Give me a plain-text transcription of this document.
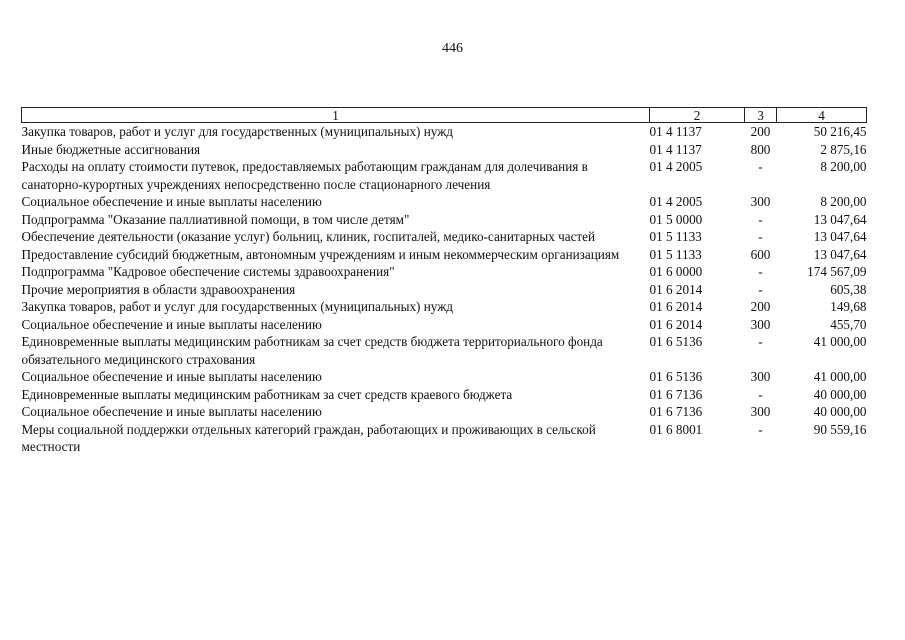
446
1	2	3	4
Закупка товаров, работ и услуг для государственных (муниципальных) нужд	01 4 1137	200	50 216,45
Иные бюджетные ассигнования	01 4 1137	800	2 875,16
Расходы на оплату стоимости путевок, предоставляемых работающим гражданам для долечивания в санаторно-курортных учреждениях непосредственно после стационарного лечения	01 4 2005	-	8 200,00
Социальное обеспечение и иные выплаты населению	01 4 2005	300	8 200,00
Подпрограмма "Оказание паллиативной помощи, в том числе детям"	01 5 0000	-	13 047,64
Обеспечение деятельности (оказание услуг) больниц, клиник, госпиталей, медико-санитарных частей	01 5 1133	-	13 047,64
Предоставление субсидий бюджетным, автономным учреждениям и иным некоммерческим организациям	01 5 1133	600	13 047,64
Подпрограмма "Кадровое обеспечение системы здравоохранения"	01 6 0000	-	174 567,09
Прочие мероприятия в области здравоохранения	01 6 2014	-	605,38
Закупка товаров, работ и услуг для государственных (муниципальных) нужд	01 6 2014	200	149,68
Социальное обеспечение и иные выплаты населению	01 6 2014	300	455,70
Единовременные выплаты медицинским работникам за счет средств бюджета территориального фонда обязательного медицинского страхования	01 6 5136	-	41 000,00
Социальное обеспечение и иные выплаты населению	01 6 5136	300	41 000,00
Единовременные выплаты медицинским работникам за счет средств краевого бюджета	01 6 7136	-	40 000,00
Социальное обеспечение и иные выплаты населению	01 6 7136	300	40 000,00
Меры социальной поддержки отдельных категорий граждан, работающих и проживающих в сельской местности	01 6 8001	-	90 559,16
